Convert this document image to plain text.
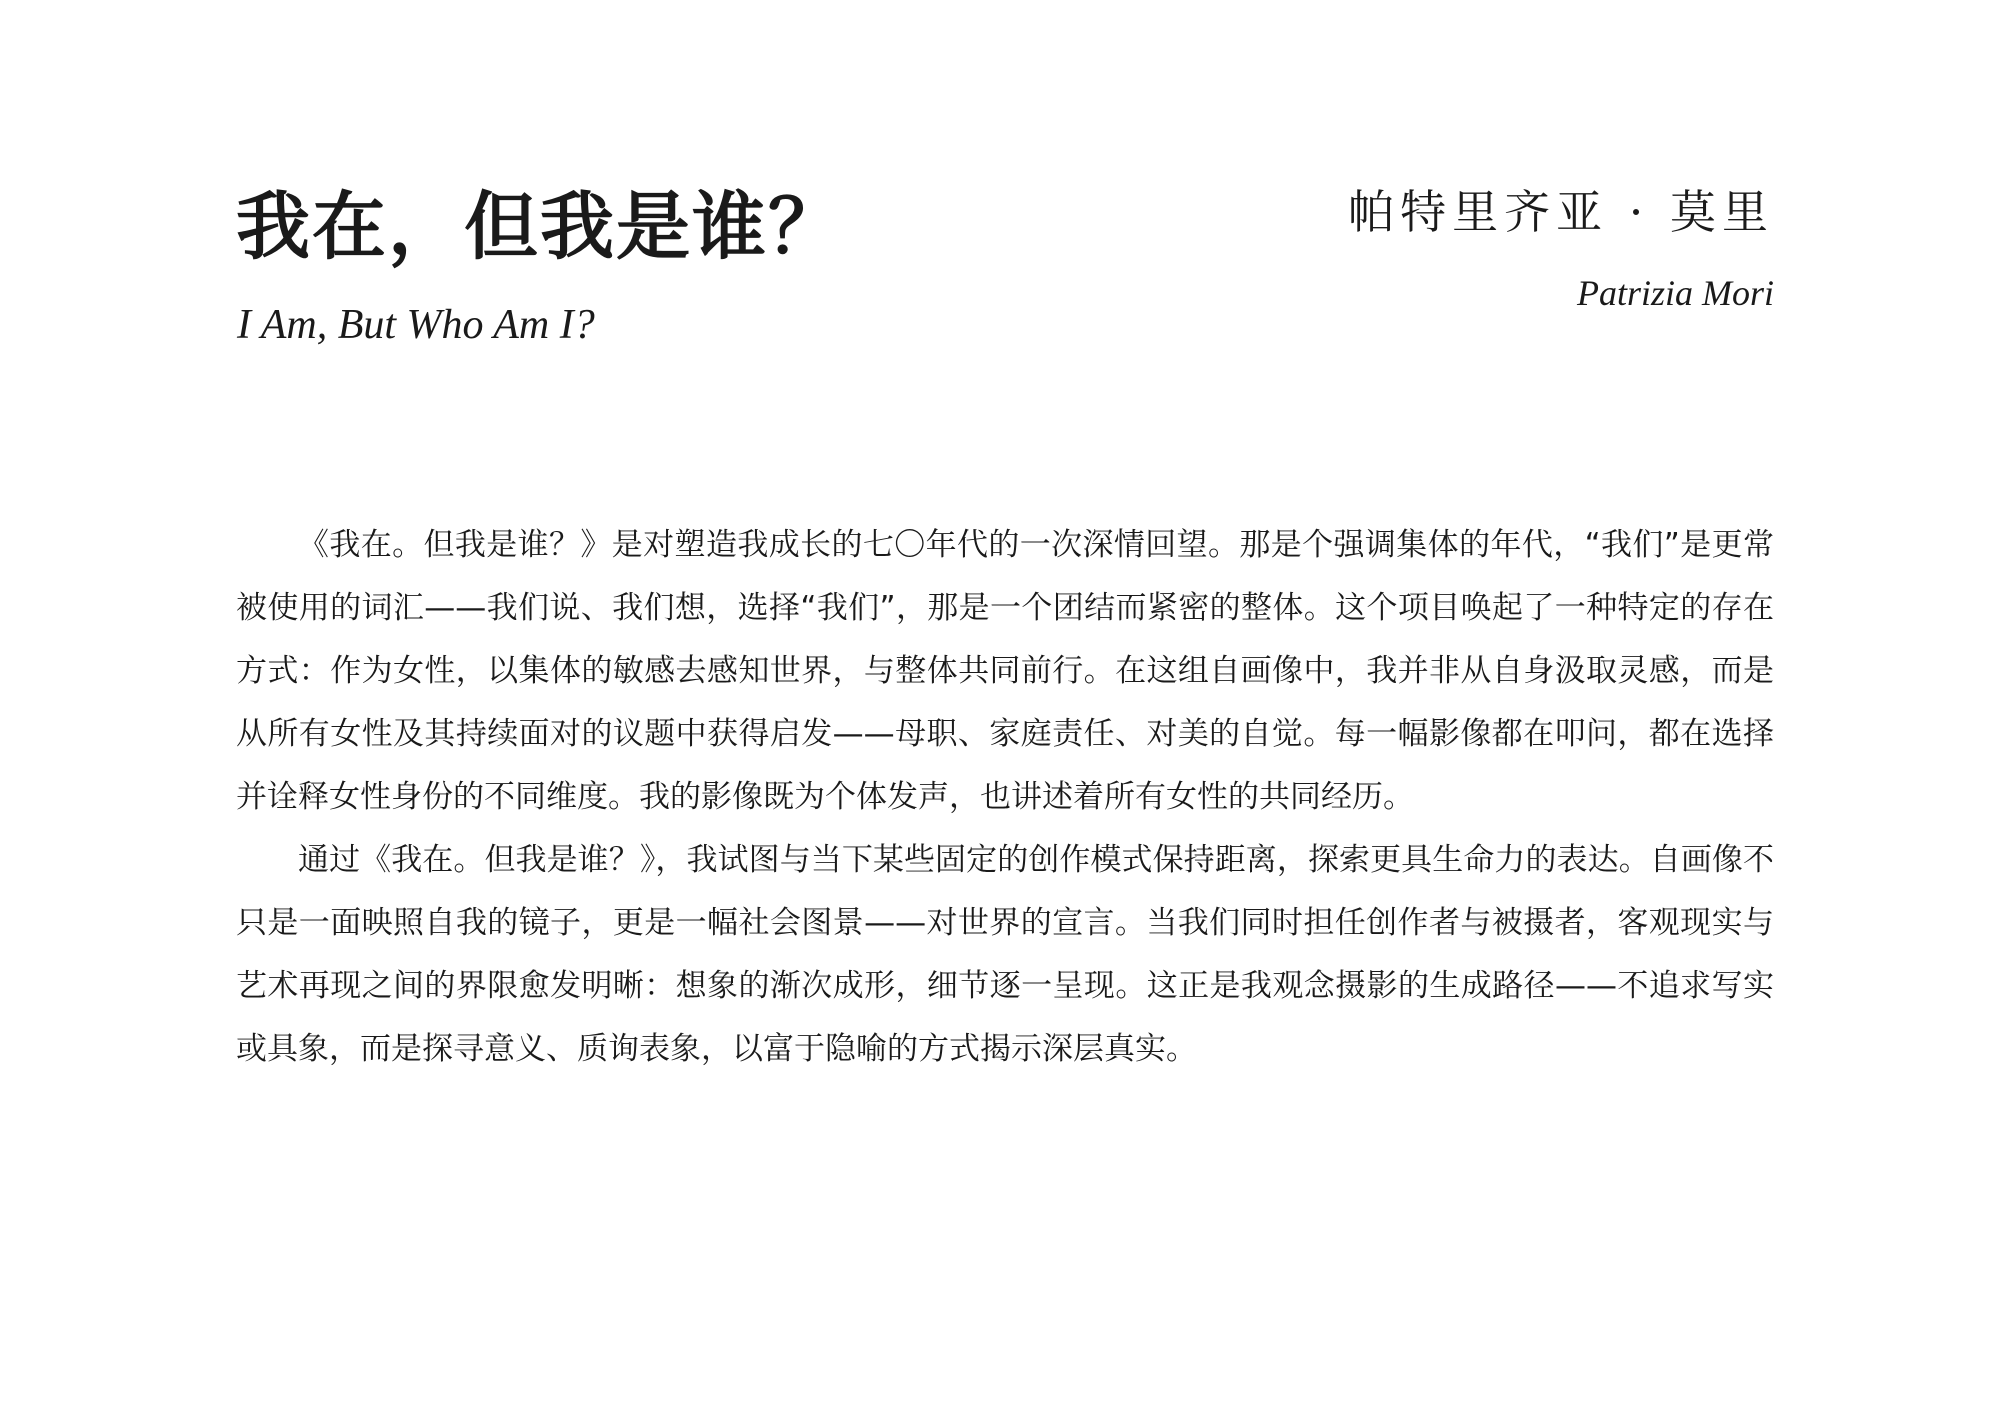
我在，但我是谁？
I Am, But Who Am I?
帕特里齐亚 · 莫里
Patrizia Mori

《我在。但我是谁？》是对塑造我成长的七〇年代的一次深情回望。那是个强调集体的年代，“我们”是更常被使用的词汇——我们说、我们想，选择“我们”，那是一个团结而紧密的整体。这个项目唤起了一种特定的存在方式：作为女性，以集体的敏感去感知世界，与整体共同前行。在这组自画像中，我并非从自身汲取灵感，而是从所有女性及其持续面对的议题中获得启发——母职、家庭责任、对美的自觉。每一幅影像都在叩问，都在选择并诠释女性身份的不同维度。我的影像既为个体发声，也讲述着所有女性的共同经历。

通过《我在。但我是谁？》，我试图与当下某些固定的创作模式保持距离，探索更具生命力的表达。自画像不只是一面映照自我的镜子，更是一幅社会图景——对世界的宣言。当我们同时担任创作者与被摄者，客观现实与艺术再现之间的界限愈发明晰：想象的渐次成形，细节逐一呈现。这正是我观念摄影的生成路径——不追求写实或具象，而是探寻意义、质询表象，以富于隐喻的方式揭示深层真实。
